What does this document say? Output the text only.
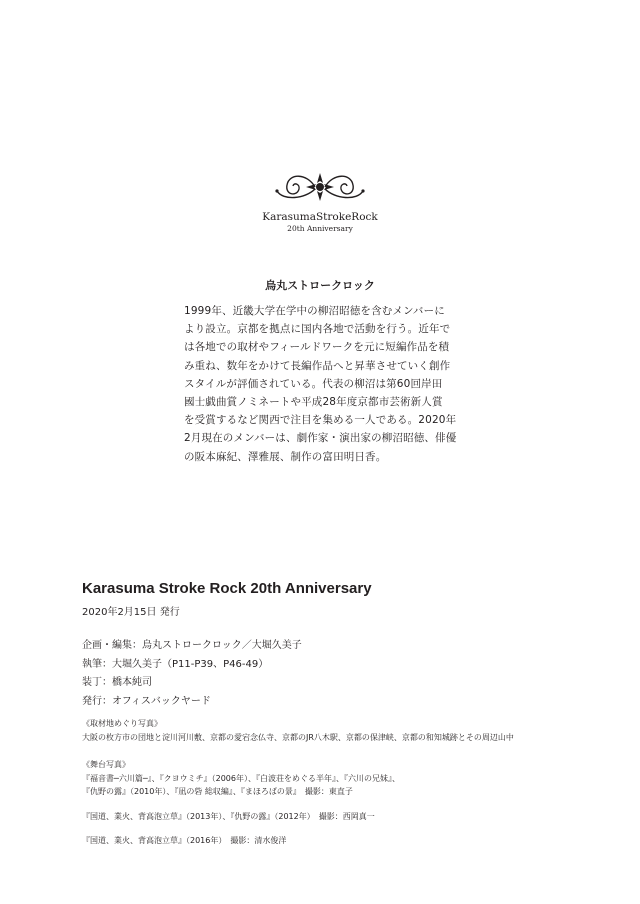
KarasumaStrokeRock
20th Anniversary
烏丸ストロークロック
1999年、近畿大学在学中の柳沼昭徳を含むメンバーに
より設立。京都を拠点に国内各地で活動を行う。近年で
は各地での取材やフィールドワークを元に短編作品を積
み重ね、数年をかけて長編作品へと昇華させていく創作
スタイルが評価されている。代表の柳沼は第60回岸田
國士戯曲賞ノミネートや平成28年度京都市芸術新人賞
を受賞するなど関西で注目を集める一人である。2020年
2月現在のメンバーは、劇作家・演出家の柳沼昭徳、俳優
の阪本麻紀、澤雅展、制作の富田明日香。
Karasuma Stroke Rock 20th Anniversary
2020年2月15日 発行
企画・編集：烏丸ストロークロック／大堀久美子
執筆：大堀久美子（P11-P39、P46-49）
装丁：橋本純司
発行：オフィスバックヤード
《取材地めぐり写真》
大阪の枚方市の団地と淀川河川敷、京都の愛宕念仏寺、京都のJR八木駅、京都の保津峡、京都の和知城跡とその周辺山中
《舞台写真》
『福音書─六川篇─』、『クヨウミチ』（2006年）、『白波荘をめぐる半年』、『六川の兄妹』、
『仇野の露』（2010年）、『凪の砦 総収編』、『まほろばの景』　撮影：東直子
『国道、業火、背高泡立草』（2013年）、『仇野の露』（2012年）　撮影：西岡真一
『国道、業火、背高泡立草』（2016年）　撮影：清水俊洋
